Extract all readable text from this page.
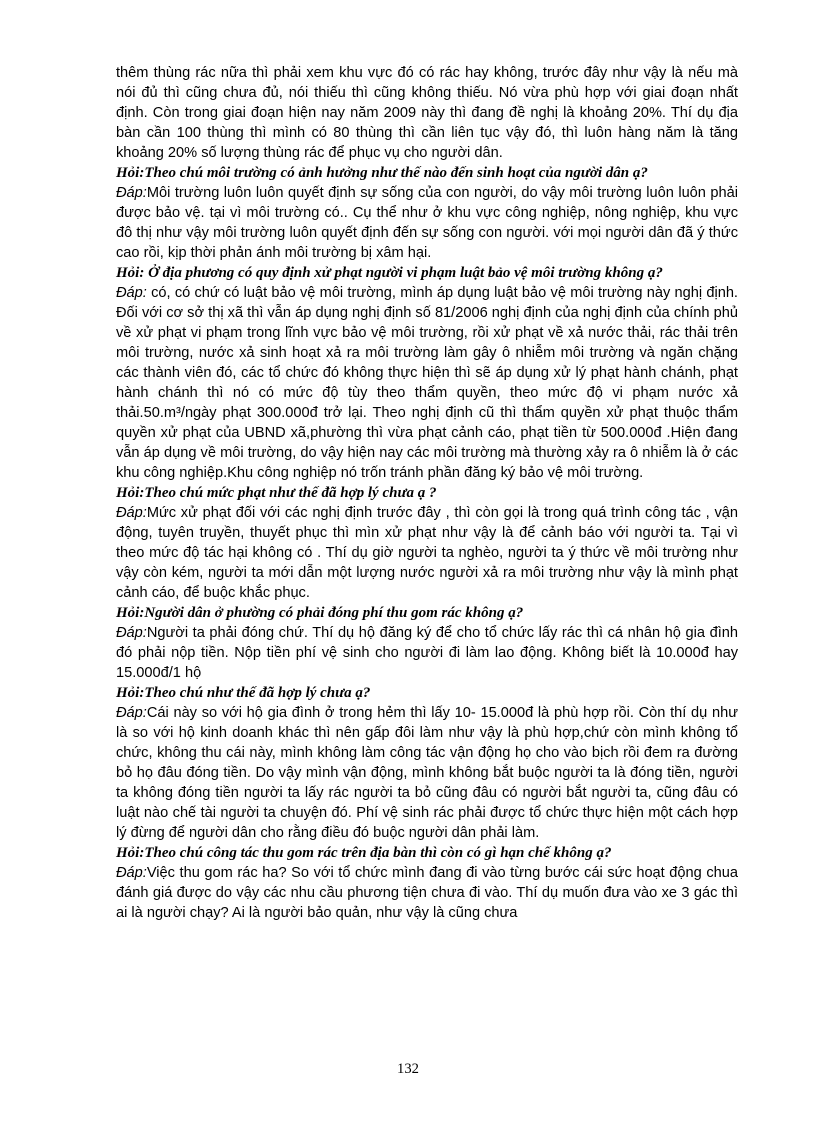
thêm thùng rác nữa thì phải xem khu vực đó có rác hay không, trước đây như vậy là nếu mà nói đủ thì cũng chưa đủ, nói thiếu thì cũng không thiếu. Nó vừa phù hợp với giai đoạn nhất định. Còn trong giai đoạn hiện nay năm 2009 này thì đang đề nghị là khoảng 20%. Thí dụ địa bàn cần 100 thùng thì mình có 80 thùng thì cần liên tục vậy đó, thì luôn hàng năm là tăng khoảng 20% số lượng thùng rác để phục vụ cho người dân.

Hỏi:Theo chú môi trường có ảnh hưởng như thế nào đến sinh hoạt của người dân ạ?

Đáp:Môi trường luôn luôn quyết định sự sống của con người, do vậy môi trường luôn luôn phải được bảo vệ. tại vì môi trường có.. Cụ thể như ở khu vực công nghiệp, nông nghiệp, khu vực đô thị như vậy môi trường luôn quyết định đến sự sống con người. với mọi người dân đã ý thức cao rồi, kịp thời phản ánh môi trường bị xâm hại.

Hỏi: Ở địa phương có quy định xử phạt người vi phạm luật bảo vệ môi trường không ạ?

Đáp: có, có chứ có luật bảo vệ môi trường, mình áp dụng luật bảo vệ môi trường này nghị định. Đối với cơ sở thị xã thì vẫn áp dụng nghị định số 81/2006 nghị định của nghị định của chính phủ về xử phạt vi phạm trong lĩnh vực bảo vệ môi trường, rồi xử phạt về xả nước thải, rác thải trên môi trường, nước xả sinh hoạt xả ra môi trường làm gây ô nhiễm môi trường và ngăn chặng các thành viên đó, các tổ chức đó không thực hiện thì sẽ áp dụng xử lý phạt hành chánh, phạt hành chánh thì nó có mức độ tùy theo thẩm quyền, theo mức độ vi phạm nước xả thải.50.m³/ngày phạt 300.000đ trở lại. Theo nghị định cũ thì thẩm quyền xử phạt thuộc thẩm quyền xử phạt của UBND xã,phường thì vừa phạt cảnh cáo, phạt tiền từ 500.000đ .Hiện đang vẫn áp dụng về môi trường, do vậy hiện nay các môi trường mà thường xảy ra ô nhiễm là ở các khu công nghiệp.Khu công nghiệp nó trốn tránh phần đăng ký bảo vệ môi trường.

Hỏi:Theo chú mức phạt như thế đã hợp lý chưa ạ ?

Đáp:Mức xử phạt đối với các nghị định trước đây , thì còn gọi là trong quá trình công tác , vận động, tuyên truyền, thuyết phục thì mìn xử phạt như vậy là để cảnh báo với người ta. Tại vì theo mức độ tác hại không có . Thí dụ giờ người ta nghèo, người ta ý thức về môi trường như vậy còn kém, người ta mới dẫn một lượng nước người xả ra môi trường như vậy là mình phạt cảnh cáo, để buộc khắc phục.

Hỏi:Người dân ở phường có phải đóng phí thu gom rác không ạ?

Đáp:Người ta phải đóng chứ. Thí dụ hộ đăng ký để cho tổ chức lấy rác thì cá nhân hộ gia đình đó phải nộp tiền. Nộp tiền phí vệ sinh cho người đi làm lao động. Không biết là 10.000đ hay 15.000đ/1 hộ

Hỏi:Theo chú như thế đã hợp lý chưa ạ?

Đáp:Cái này so với hộ gia đình ở trong hẻm thì lấy 10- 15.000đ là phù hợp rồi. Còn thí dụ như là so với hộ kinh doanh khác thì nên gấp đôi làm như vậy là phù hợp,chứ còn mình không tổ chức, không thu cái này, mình không làm công tác vận động họ cho vào bịch rồi đem ra đường bỏ họ đâu đóng tiền. Do vậy mình vận động, mình không bắt buộc người ta là đóng tiền, người ta không đóng tiền người ta lấy rác người ta bỏ cũng đâu có người bắt người ta, cũng đâu có luật nào chế tài người ta chuyện đó. Phí vệ sinh rác phải được tổ chức thực hiện một cách hợp lý đừng để người dân cho rằng điều đó buộc người dân phải làm.

Hỏi:Theo chú công tác thu gom rác trên địa bàn thì còn có gì hạn chế không ạ?

Đáp:Việc thu gom rác ha? So với tổ chức mình đang đi vào từng bước cái sức hoạt động chua đánh giá được do vậy các nhu cầu phương tiện chưa đi vào. Thí dụ muốn đưa vào xe 3 gác thì ai là người chạy? Ai là người bảo quản, như vậy là cũng chưa

132
